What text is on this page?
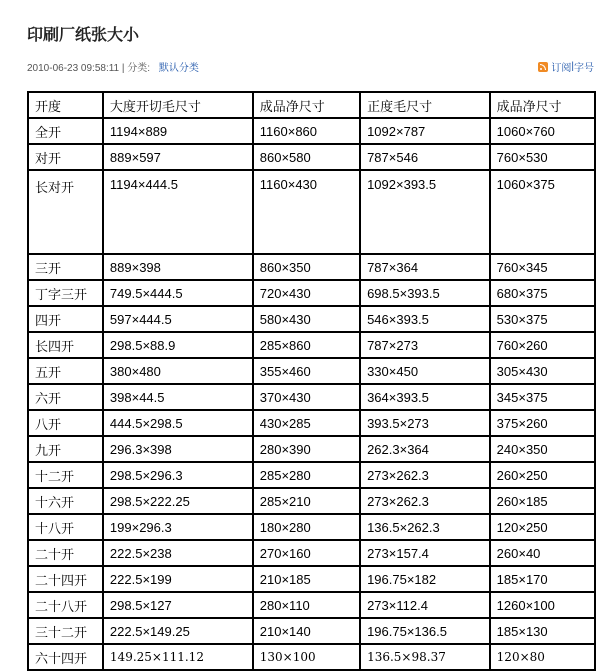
印刷厂纸张大小
2010-06-23 09:58:11 | 分类: 默认分类	订阅 | 字号
开度	大度开切毛尺寸	成品净尺寸	正度毛尺寸	成品净尺寸
全开	1194×889	1160×860	1092×787	1060×760
对开	889×597	860×580	787×546	760×530
长对开	1194×444.5	1160×430	1092×393.5	1060×375
三开	889×398	860×350	787×364	760×345
丁字三开	749.5×444.5	720×430	698.5×393.5	680×375
四开	597×444.5	580×430	546×393.5	530×375
长四开	298.5×88.9	285×860	787×273	760×260
五开	380×480	355×460	330×450	305×430
六开	398×44.5	370×430	364×393.5	345×375
八开	444.5×298.5	430×285	393.5×273	375×260
九开	296.3×398	280×390	262.3×364	240×350
十二开	298.5×296.3	285×280	273×262.3	260×250
十六开	298.5×222.25	285×210	273×262.3	260×185
十八开	199×296.3	180×280	136.5×262.3	120×250
二十开	222.5×238	270×160	273×157.4	260×40
二十四开	222.5×199	210×185	196.75×182	185×170
二十八开	298.5×127	280×110	273×112.4	1260×100
三十二开	222.5×149.25	210×140	196.75×136.5	185×130
六十四开	149.25×111.12	130×100	136.5×98.37	120×80
